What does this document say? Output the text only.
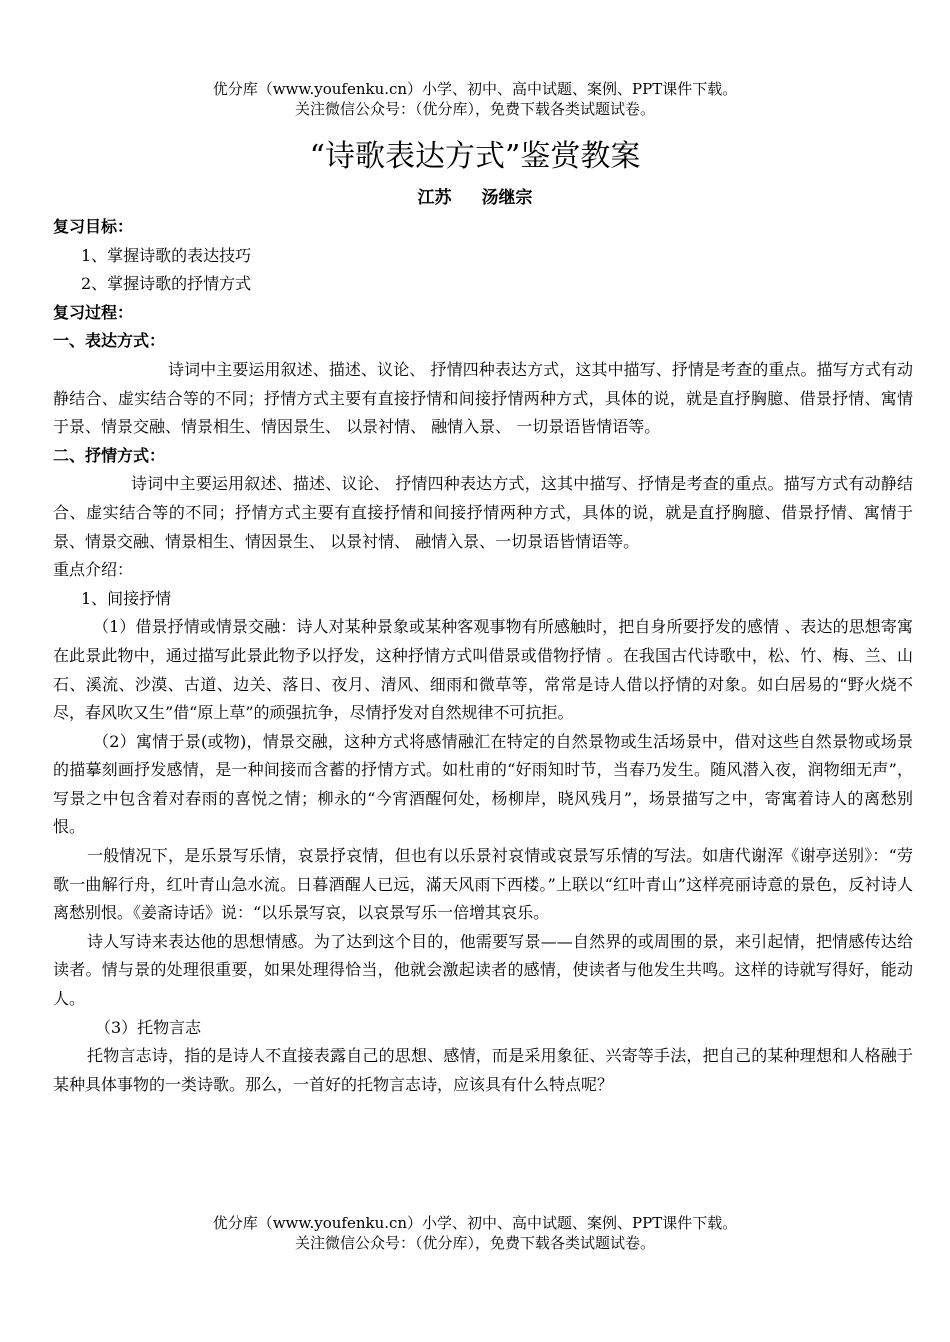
优分库（www.youfenku.cn）小学、初中、高中试题、案例、PPT课件下载。
关注微信公众号：（优分库），免费下载各类试题试卷。
“诗歌表达方式”鉴赏教案
江苏 汤继宗

复习目标：

1、掌握诗歌的表达技巧

2、掌握诗歌的抒情方式

复习过程：

一、表达方式：

诗词中主要运用叙述、描述、议论、 抒情四种表达方式，这其中描写、抒情是考查的重点。描写方式有动静结合、虚实结合等的不同；抒情方式主要有直接抒情和间接抒情两种方式，具体的说，就是直抒胸臆、借景抒情、寓情于景、情景交融、情景相生、情因景生、 以景衬情、 融情入景、 一切景语皆情语等。

二、抒情方式：

诗词中主要运用叙述、描述、议论、 抒情四种表达方式，这其中描写、抒情是考查的重点。描写方式有动静结合、虚实结合等的不同；抒情方式主要有直接抒情和间接抒情两种方式，具体的说，就是直抒胸臆、借景抒情、寓情于景、情景交融、情景相生、情因景生、 以景衬情、 融情入景、一切景语皆情语等。

重点介绍：

1、间接抒情

（1）借景抒情或情景交融：诗人对某种景象或某种客观事物有所感触时，把自身所要抒发的感情 、表达的思想寄寓在此景此物中，通过描写此景此物予以抒发，这种抒情方式叫借景或借物抒情 。在我国古代诗歌中，松、竹、梅、兰、山石、溪流、沙漠、古道、边关、落日、夜月、清风、细雨和微草等，常常是诗人借以抒情的对象。如白居易的“野火烧不尽，春风吹又生”借“原上草”的顽强抗争，尽情抒发对自然规律不可抗拒。

（2）寓情于景(或物)，情景交融，这种方式将感情融汇在特定的自然景物或生活场景中，借对这些自然景物或场景的描摹刻画抒发感情，是一种间接而含蓄的抒情方式。如杜甫的“好雨知时节，当春乃发生。随风潜入夜，润物细无声”，写景之中包含着对春雨的喜悦之情；柳永的“今宵酒醒何处，杨柳岸，晓风残月”，场景描写之中，寄寓着诗人的离愁别恨。

一般情况下，是乐景写乐情，哀景抒哀情，但也有以乐景衬哀情或哀景写乐情的写法。如唐代谢浑《谢亭送别》：“劳歌一曲解行舟，红叶青山急水流。日暮酒醒人已远，滿天风雨下西楼。”上联以“红叶青山”这样亮丽诗意的景色，反衬诗人离愁别恨。《姜斋诗话》说：“以乐景写哀，以哀景写乐一倍增其哀乐。

诗人写诗来表达他的思想情感。为了达到这个目的，他需要写景——自然界的或周围的景，来引起情，把情感传达给读者。情与景的处理很重要，如果处理得恰当，他就会激起读者的感情，使读者与他发生共鸣。这样的诗就写得好，能动人。

（3）托物言志

托物言志诗，指的是诗人不直接表露自己的思想、感情，而是采用象征、兴寄等手法，把自己的某种理想和人格融于某种具体事物的一类诗歌。那么，一首好的托物言志诗，应该具有什么特点呢？

优分库（www.youfenku.cn）小学、初中、高中试题、案例、PPT课件下载。
关注微信公众号：（优分库），免费下载各类试题试卷。
